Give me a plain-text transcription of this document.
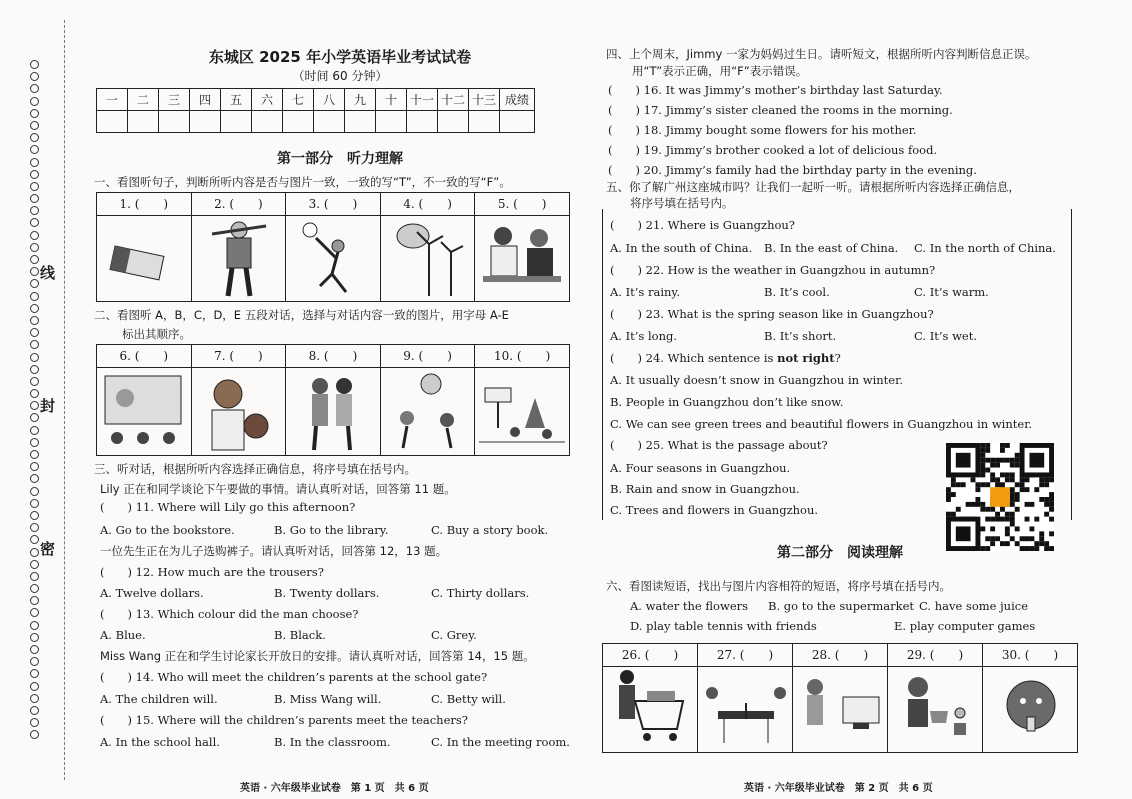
线
封
密
东城区 2025 年小学英语毕业考试试卷
（时间 60 分钟）
一	二	三	四	五	六	七	八	九	十	十一	十二	十三	成绩

第一部分　听力理解
一、看图听句子，判断所听内容是否与图片一致，一致的写“T”，不一致的写“F”。
1. (　　)	2. (　　)	3. (　　)	4. (　　)	5. (　　)
二、看图听 A，B，C，D，E 五段对话，选择与对话内容一致的图片，用字母 A-E
标出其顺序。
6. (　　)	7. (　　)	8. (　　)	9. (　　)	10. (　　)
三、听对话，根据所听内容选择正确信息，将序号填在括号内。
Lily 正在和同学谈论下午要做的事情。请认真听对话，回答第 11 题。
(　　) 11. Where will Lily go this afternoon?
A. Go to the bookstore.	B. Go to the library.	C. Buy a story book.
一位先生正在为儿子选购裤子。请认真听对话，回答第 12，13 题。
(　　) 12. How much are the trousers?
A. Twelve dollars.	B. Twenty dollars.	C. Thirty dollars.
(　　) 13. Which colour did the man choose?
A. Blue.	B. Black.	C. Grey.
Miss Wang 正在和学生讨论家长开放日的安排。请认真听对话，回答第 14，15 题。
(　　) 14. Who will meet the children’s parents at the school gate?
A. The children will.	B. Miss Wang will.	C. Betty will.
(　　) 15. Where will the children’s parents meet the teachers?
A. In the school hall.	B. In the classroom.	C. In the meeting room.
英语 · 六年级毕业试卷　第 1 页　共 6 页
四、上个周末，Jimmy 一家为妈妈过生日。请听短文，根据所听内容判断信息正误。
用“T”表示正确，用“F”表示错误。
(　　) 16. It was Jimmy’s mother’s birthday last Saturday.
(　　) 17. Jimmy’s sister cleaned the rooms in the morning.
(　　) 18. Jimmy bought some flowers for his mother.
(　　) 19. Jimmy’s brother cooked a lot of delicious food.
(　　) 20. Jimmy’s family had the birthday party in the evening.
五、你了解广州这座城市吗？让我们一起听一听。请根据所听内容选择正确信息，
将序号填在括号内。
(　　) 21. Where is Guangzhou?
A. In the south of China. B. In the east of China. C. In the north of China.
(　　) 22. How is the weather in Guangzhou in autumn?
A. It’s rainy.	B. It’s cool.	C. It’s warm.
(　　) 23. What is the spring season like in Guangzhou?
A. It’s long.	B. It’s short.	C. It’s wet.
(　　) 24. Which sentence is not right?
A. It usually doesn’t snow in Guangzhou in winter.
B. People in Guangzhou don’t like snow.
C. We can see green trees and beautiful flowers in Guangzhou in winter.
(　　) 25. What is the passage about?
A. Four seasons in Guangzhou.
B. Rain and snow in Guangzhou.
C. Trees and flowers in Guangzhou.
第二部分　阅读理解
六、看图读短语，找出与图片内容相符的短语，将序号填在括号内。
A. water the flowers B. go to the supermarket C. have some juice
D. play table tennis with friends	E. play computer games
26. (　　)	27. (　　)	28. (　　)	29. (　　)	30. (　　)
英语 · 六年级毕业试卷　第 2 页　共 6 页
